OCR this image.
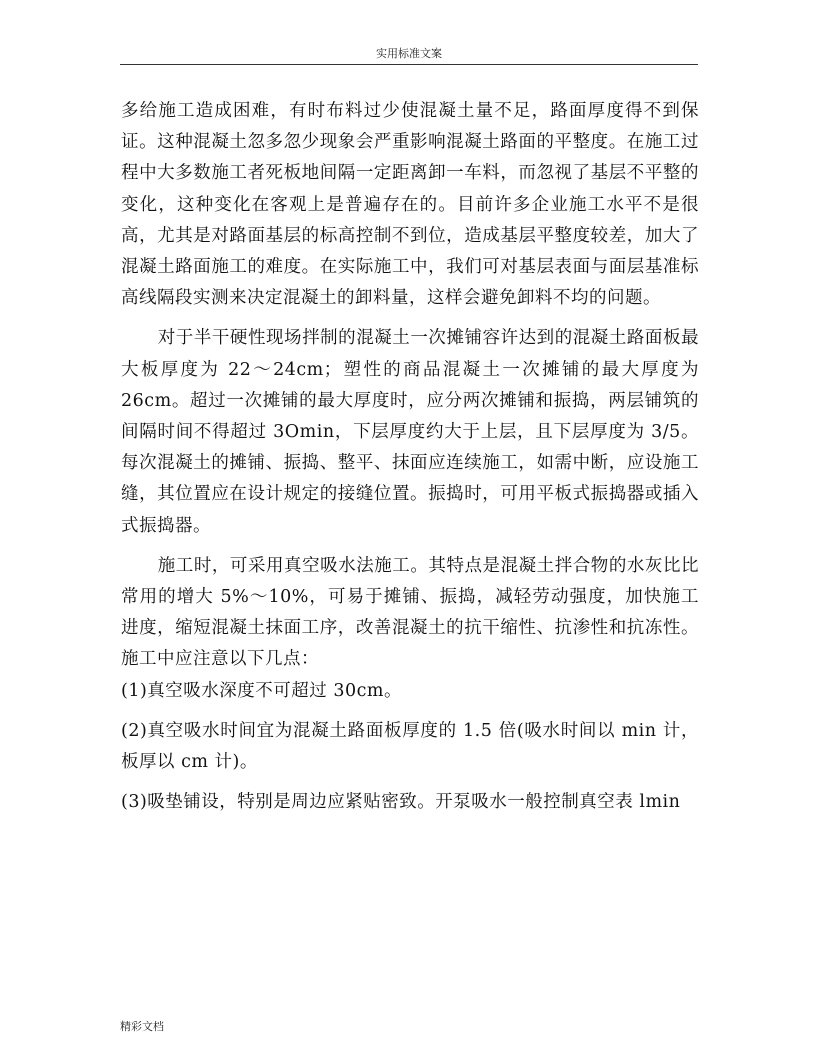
实用标准文案

多给施工造成困难，有时布料过少使混凝土量不足，路面厚度得不到保证。这种混凝土忽多忽少现象会严重影响混凝土路面的平整度。在施工过程中大多数施工者死板地间隔一定距离卸一车料，而忽视了基层不平整的变化，这种变化在客观上是普遍存在的。目前许多企业施工水平不是很高，尤其是对路面基层的标高控制不到位，造成基层平整度较差，加大了混凝土路面施工的难度。在实际施工中，我们可对基层表面与面层基准标高线隔段实测来决定混凝土的卸料量，这样会避免卸料不均的问题。

对于半干硬性现场拌制的混凝土一次摊铺容许达到的混凝土路面板最大板厚度为 22～24cm；塑性的商品混凝土一次摊铺的最大厚度为 26cm。超过一次摊铺的最大厚度时，应分两次摊铺和振捣，两层铺筑的间隔时间不得超过 3Omin，下层厚度约大于上层，且下层厚度为 3/5。每次混凝土的摊铺、振捣、整平、抹面应连续施工，如需中断，应设施工缝，其位置应在设计规定的接缝位置。振捣时，可用平板式振捣器或插入式振捣器。

施工时，可采用真空吸水法施工。其特点是混凝土拌合物的水灰比比常用的增大 5%～10%，可易于摊铺、振捣，减轻劳动强度，加快施工进度，缩短混凝土抹面工序，改善混凝土的抗干缩性、抗渗性和抗冻性。施工中应注意以下几点：

(1)真空吸水深度不可超过 30cm。

(2)真空吸水时间宜为混凝土路面板厚度的 1.5 倍(吸水时间以 min 计，板厚以 cm 计)。

(3)吸垫铺设，特别是周边应紧贴密致。开泵吸水一般控制真空表 lmin

精彩文档
